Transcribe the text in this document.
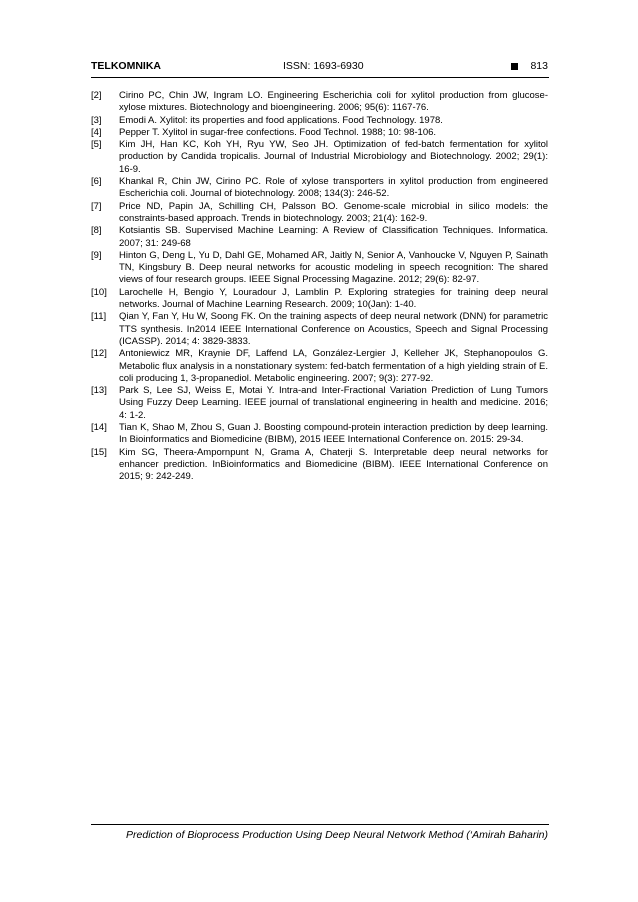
TELKOMNIKA	ISSN: 1693-6930	813

[2] Cirino PC, Chin JW, Ingram LO. Engineering Escherichia coli for xylitol production from glucose-xylose mixtures. Biotechnology and bioengineering. 2006; 95(6): 1167-76.

[3] Emodi A. Xylitol: its properties and food applications. Food Technology. 1978.

[4] Pepper T. Xylitol in sugar-free confections. Food Technol. 1988; 10: 98-106.

[5] Kim JH, Han KC, Koh YH, Ryu YW, Seo JH. Optimization of fed-batch fermentation for xylitol production by Candida tropicalis. Journal of Industrial Microbiology and Biotechnology. 2002; 29(1): 16-9.

[6] Khankal R, Chin JW, Cirino PC. Role of xylose transporters in xylitol production from engineered Escherichia coli. Journal of biotechnology. 2008; 134(3): 246-52.

[7] Price ND, Papin JA, Schilling CH, Palsson BO. Genome-scale microbial in silico models: the constraints-based approach. Trends in biotechnology. 2003; 21(4): 162-9.

[8] Kotsiantis SB. Supervised Machine Learning: A Review of Classification Techniques. Informatica. 2007; 31: 249-68

[9] Hinton G, Deng L, Yu D, Dahl GE, Mohamed AR, Jaitly N, Senior A, Vanhoucke V, Nguyen P, Sainath TN, Kingsbury B. Deep neural networks for acoustic modeling in speech recognition: The shared views of four research groups. IEEE Signal Processing Magazine. 2012; 29(6): 82-97.

[10] Larochelle H, Bengio Y, Louradour J, Lamblin P. Exploring strategies for training deep neural networks. Journal of Machine Learning Research. 2009; 10(Jan): 1-40.

[11] Qian Y, Fan Y, Hu W, Soong FK. On the training aspects of deep neural network (DNN) for parametric TTS synthesis. In2014 IEEE International Conference on Acoustics, Speech and Signal Processing (ICASSP). 2014; 4: 3829-3833.

[12] Antoniewicz MR, Kraynie DF, Laffend LA, González-Lergier J, Kelleher JK, Stephanopoulos G. Metabolic flux analysis in a nonstationary system: fed-batch fermentation of a high yielding strain of E. coli producing 1, 3-propanediol. Metabolic engineering. 2007; 9(3): 277-92.

[13] Park S, Lee SJ, Weiss E, Motai Y. Intra-and Inter-Fractional Variation Prediction of Lung Tumors Using Fuzzy Deep Learning. IEEE journal of translational engineering in health and medicine. 2016; 4: 1-2.

[14] Tian K, Shao M, Zhou S, Guan J. Boosting compound-protein interaction prediction by deep learning. In Bioinformatics and Biomedicine (BIBM), 2015 IEEE International Conference on. 2015: 29-34.

[15] Kim SG, Theera-Ampornpunt N, Grama A, Chaterji S. Interpretable deep neural networks for enhancer prediction. InBioinformatics and Biomedicine (BIBM). IEEE International Conference on 2015; 9: 242-249.

Prediction of Bioprocess Production Using Deep Neural Network Method (‘Amirah Baharin)
